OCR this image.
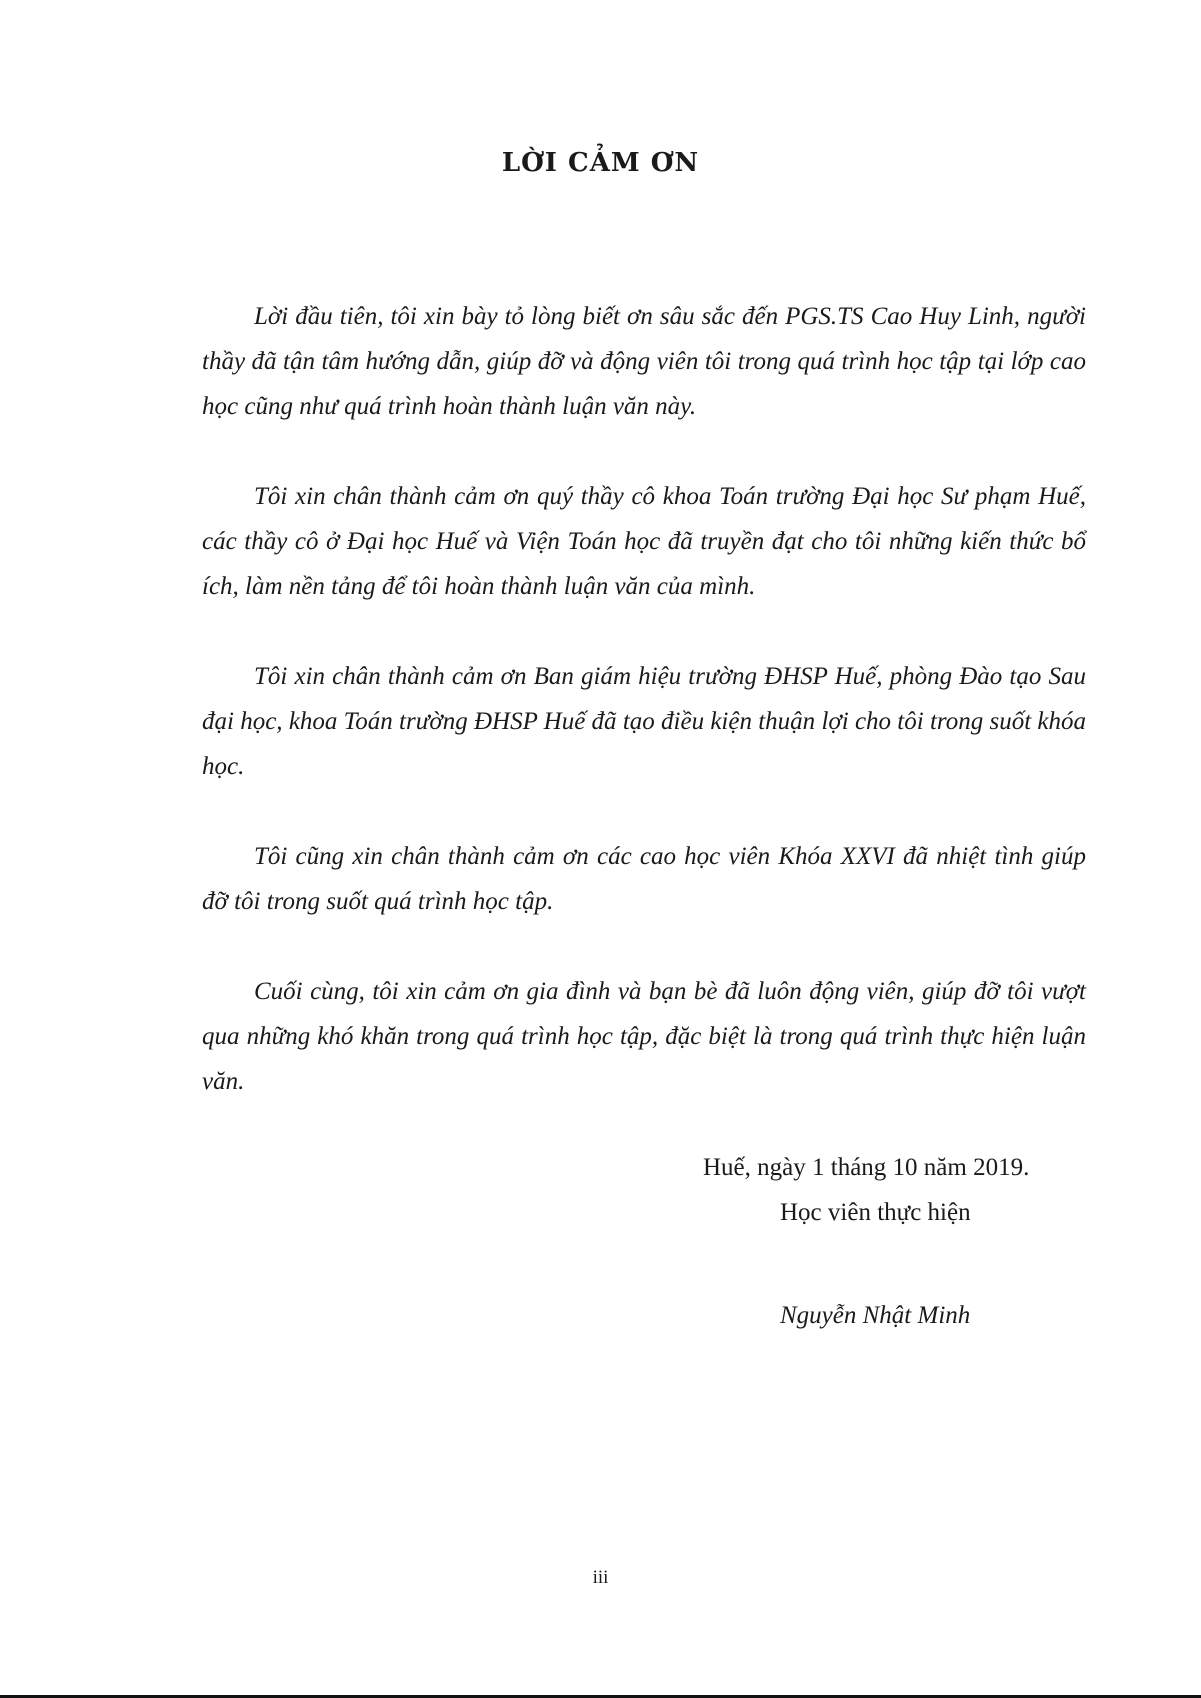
LỜI CẢM ƠN

Lời đầu tiên, tôi xin bày tỏ lòng biết ơn sâu sắc đến PGS.TS Cao Huy Linh, người thầy đã tận tâm hướng dẫn, giúp đỡ và động viên tôi trong quá trình học tập tại lớp cao học cũng như quá trình hoàn thành luận văn này.

Tôi xin chân thành cảm ơn quý thầy cô khoa Toán trường Đại học Sư phạm Huế, các thầy cô ở Đại học Huế và Viện Toán học đã truyền đạt cho tôi những kiến thức bổ ích, làm nền tảng để tôi hoàn thành luận văn của mình.

Tôi xin chân thành cảm ơn Ban giám hiệu trường ĐHSP Huế, phòng Đào tạo Sau đại học, khoa Toán trường ĐHSP Huế đã tạo điều kiện thuận lợi cho tôi trong suốt khóa học.

Tôi cũng xin chân thành cảm ơn các cao học viên Khóa XXVI đã nhiệt tình giúp đỡ tôi trong suốt quá trình học tập.

Cuối cùng, tôi xin cảm ơn gia đình và bạn bè đã luôn động viên, giúp đỡ tôi vượt qua những khó khăn trong quá trình học tập, đặc biệt là trong quá trình thực hiện luận văn.

Huế, ngày 1 tháng 10 năm 2019.
Học viên thực hiện
Nguyễn Nhật Minh
iii
